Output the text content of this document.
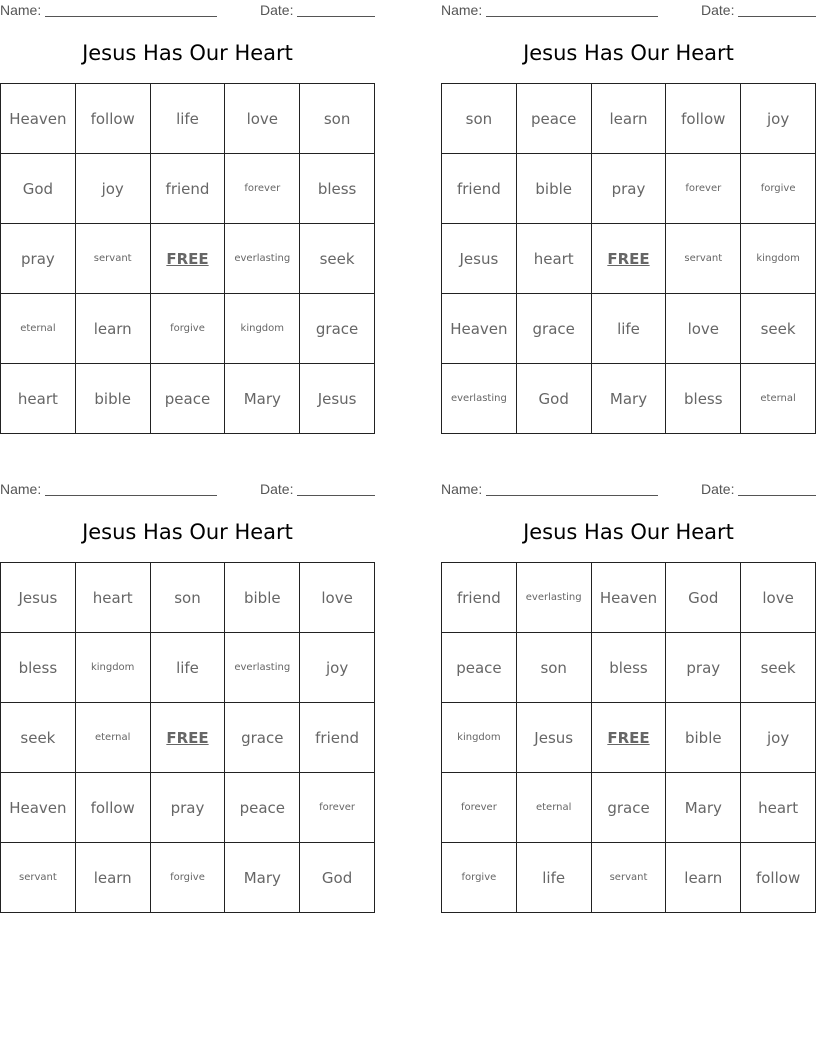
Name:	Date:
Jesus Has Our Heart
Heaven	follow	life	love	son
God	joy	friend	forever	bless
pray	servant	FREE	everlasting	seek
eternal	learn	forgive	kingdom	grace
heart	bible	peace	Mary	Jesus
Name:	Date:
Jesus Has Our Heart
son	peace	learn	follow	joy
friend	bible	pray	forever	forgive
Jesus	heart	FREE	servant	kingdom
Heaven	grace	life	love	seek
everlasting	God	Mary	bless	eternal
Name:	Date:
Jesus Has Our Heart
Jesus	heart	son	bible	love
bless	kingdom	life	everlasting	joy
seek	eternal	FREE	grace	friend
Heaven	follow	pray	peace	forever
servant	learn	forgive	Mary	God
Name:	Date:
Jesus Has Our Heart
friend	everlasting	Heaven	God	love
peace	son	bless	pray	seek
kingdom	Jesus	FREE	bible	joy
forever	eternal	grace	Mary	heart
forgive	life	servant	learn	follow
